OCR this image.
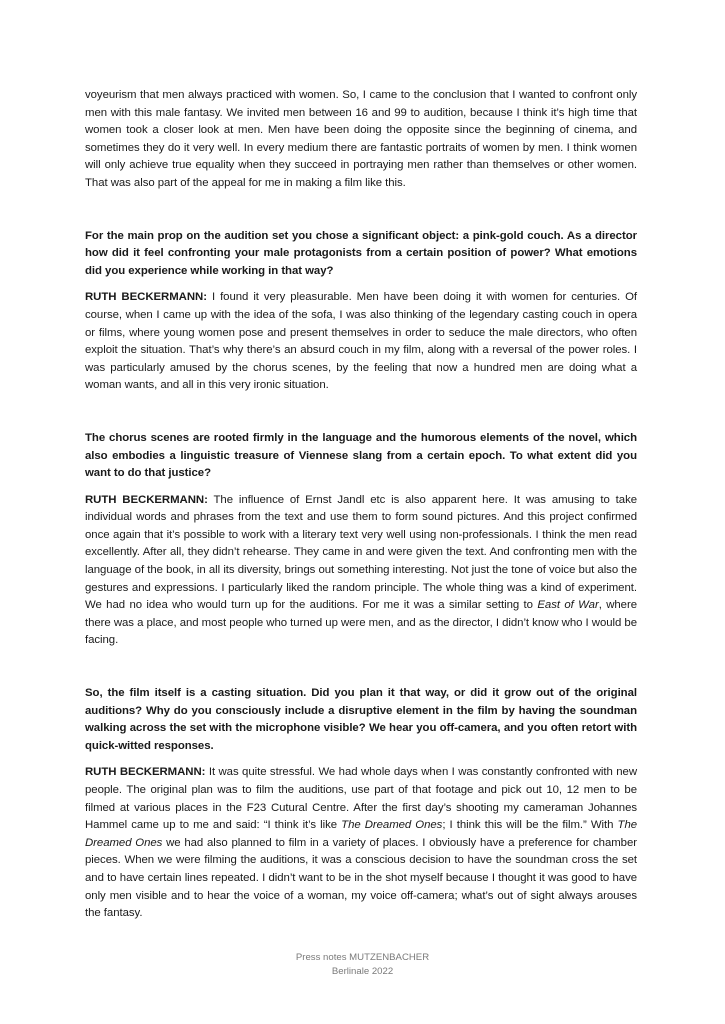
voyeurism that men always practiced with women. So, I came to the conclusion that I wanted to confront only men with this male fantasy. We invited men between 16 and 99 to audition, because I think it’s high time that women took a closer look at men. Men have been doing the opposite since the beginning of cinema, and sometimes they do it very well. In every medium there are fantastic portraits of women by men. I think women will only achieve true equality when they succeed in portraying men rather than themselves or other women. That was also part of the appeal for me in making a film like this.

For the main prop on the audition set you chose a significant object: a pink-gold couch. As a director how did it feel confronting your male protagonists from a certain position of power? What emotions did you experience while working in that way?

RUTH BECKERMANN: I found it very pleasurable. Men have been doing it with women for centuries. Of course, when I came up with the idea of the sofa, I was also thinking of the legendary casting couch in opera or films, where young women pose and present themselves in order to seduce the male directors, who often exploit the situation. That’s why there’s an absurd couch in my film, along with a reversal of the power roles. I was particularly amused by the chorus scenes, by the feeling that now a hundred men are doing what a woman wants, and all in this very ironic situation.

The chorus scenes are rooted firmly in the language and the humorous elements of the novel, which also embodies a linguistic treasure of Viennese slang from a certain epoch. To what extent did you want to do that justice?

RUTH BECKERMANN: The influence of Ernst Jandl etc is also apparent here. It was amusing to take individual words and phrases from the text and use them to form sound pictures. And this project confirmed once again that it’s possible to work with a literary text very well using non-professionals. I think the men read excellently. After all, they didn’t rehearse. They came in and were given the text. And confronting men with the language of the book, in all its diversity, brings out something interesting. Not just the tone of voice but also the gestures and expressions. I particularly liked the random principle. The whole thing was a kind of experiment. We had no idea who would turn up for the auditions. For me it was a similar setting to East of War, where there was a place, and most people who turned up were men, and as the director, I didn’t know who I would be facing.

So, the film itself is a casting situation. Did you plan it that way, or did it grow out of the original auditions? Why do you consciously include a disruptive element in the film by having the soundman walking across the set with the microphone visible? We hear you off-camera, and you often retort with quick-witted responses.

RUTH BECKERMANN: It was quite stressful. We had whole days when I was constantly confronted with new people. The original plan was to film the auditions, use part of that footage and pick out 10, 12 men to be filmed at various places in the F23 Cutural Centre. After the first day’s shooting my cameraman Johannes Hammel came up to me and said: “I think it’s like The Dreamed Ones; I think this will be the film.” With The Dreamed Ones we had also planned to film in a variety of places. I obviously have a preference for chamber pieces. When we were filming the auditions, it was a conscious decision to have the soundman cross the set and to have certain lines repeated. I didn’t want to be in the shot myself because I thought it was good to have only men visible and to hear the voice of a woman, my voice off-camera; what’s out of sight always arouses the fantasy.

Press notes MUTZENBACHER
Berlinale 2022
